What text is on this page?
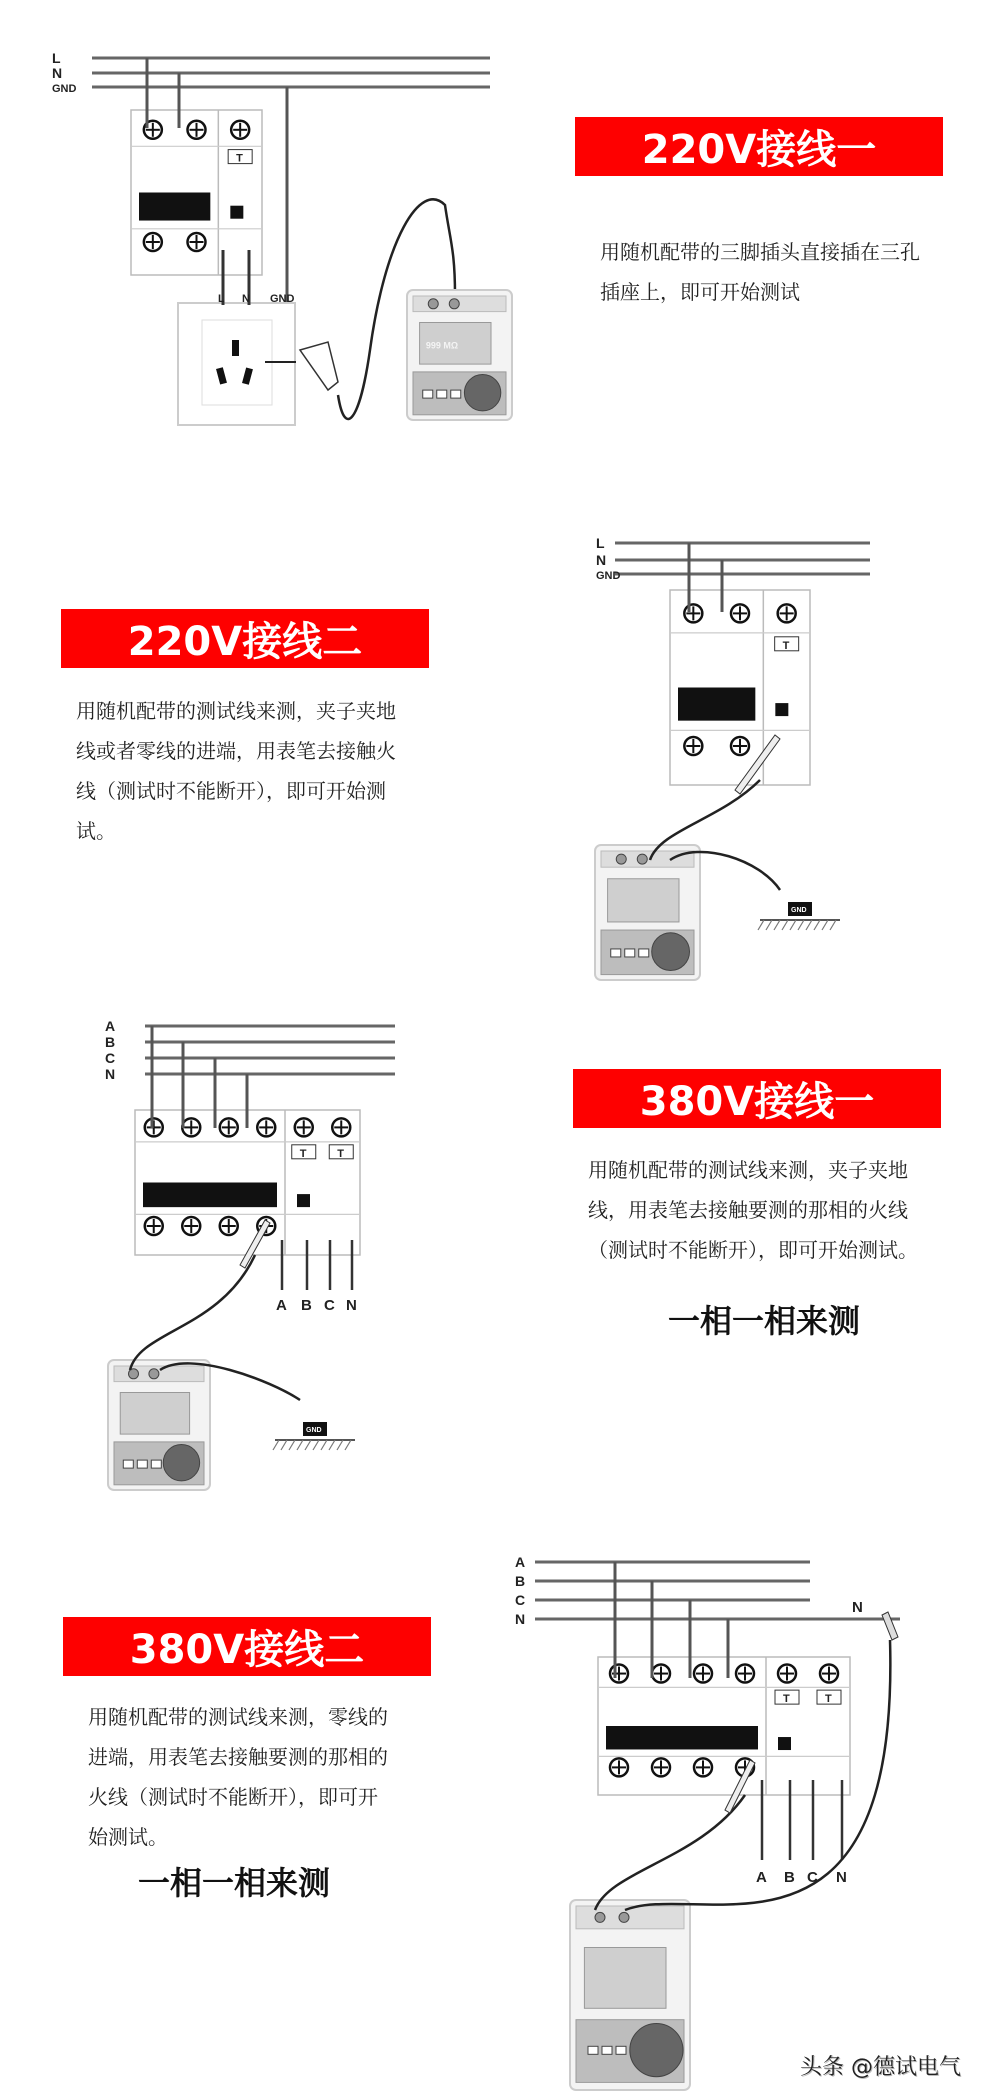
L
N
GND
T
L N GND
999 MΩ
L
N
GND
T
GND
A
B
C
N
T	T
A B C N
GND
A
B
C
N
N
T	T
A B C N
220V接线一

用随机配带的三脚插头直接插在三孔

插座上，即可开始测试

220V接线二

用随机配带的测试线来测，夹子夹地

线或者零线的进端，用表笔去接触火

线（测试时不能断开），即可开始测

试。

380V接线一

用随机配带的测试线来测，夹子夹地

线，用表笔去接触要测的那相的火线

（测试时不能断开），即可开始测试。

一相一相来测
380V接线二

用随机配带的测试线来测，零线的

进端，用表笔去接触要测的那相的

火线（测试时不能断开），即可开

始测试。

一相一相来测
头条 @德试电气
